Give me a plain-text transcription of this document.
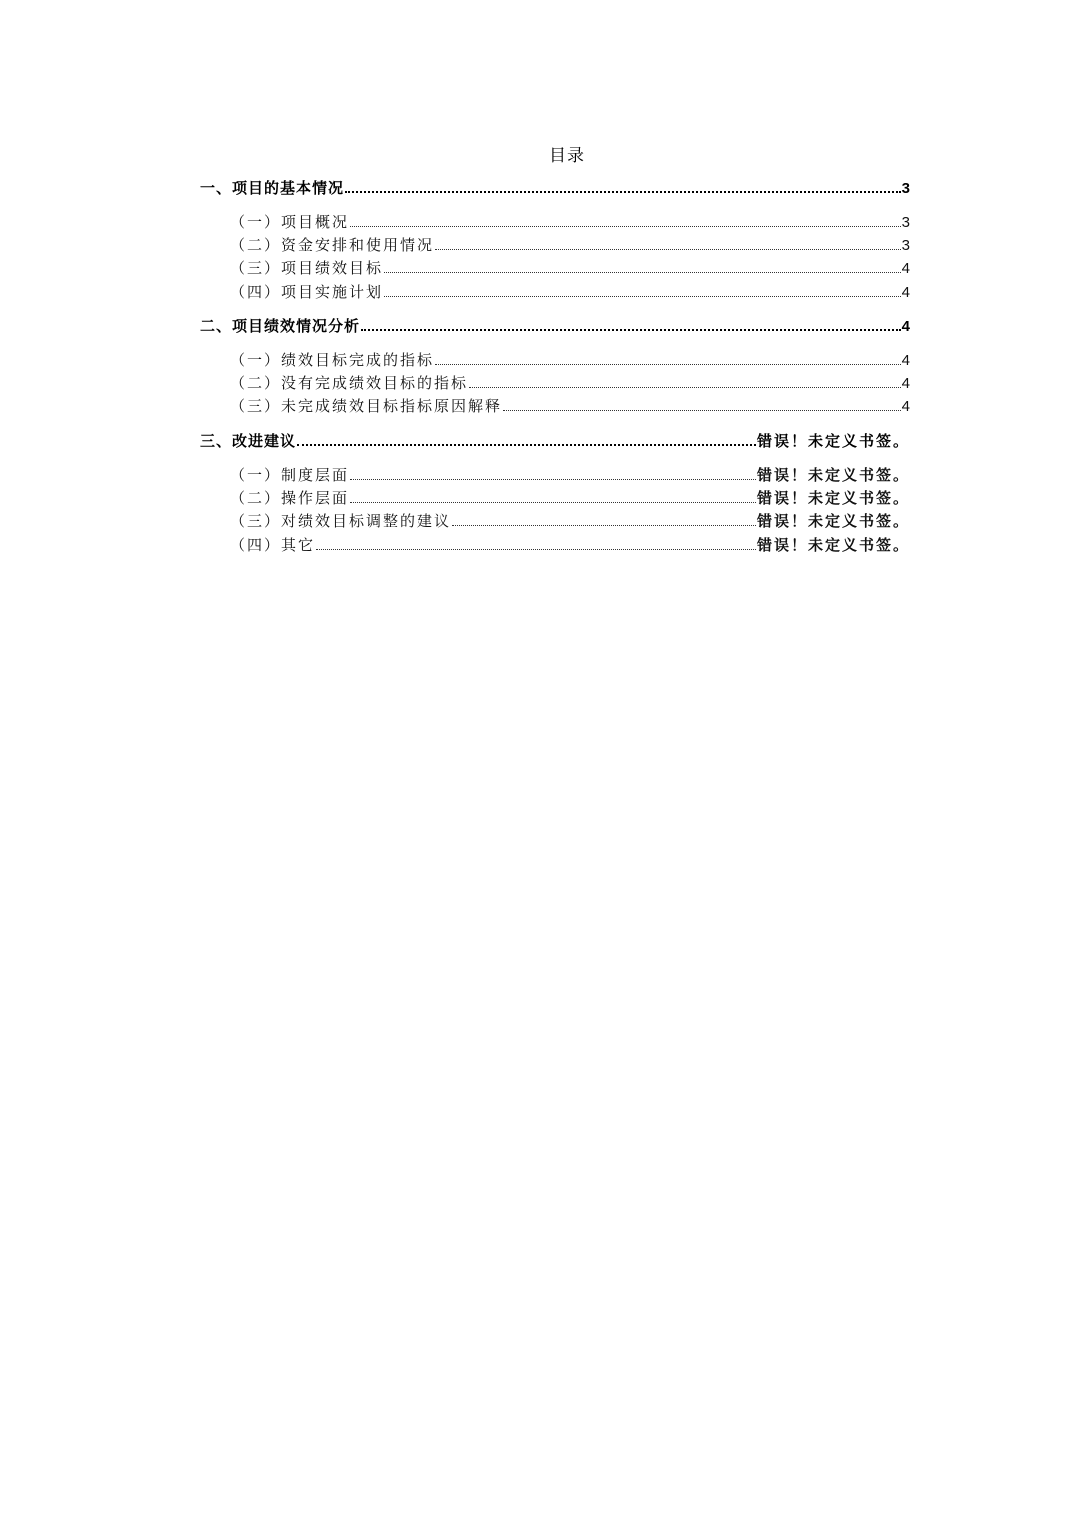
目录
一、项目的基本情况	3
（一）项目概况	3
（二）资金安排和使用情况	3
（三）项目绩效目标	4
（四）项目实施计划	4
二、项目绩效情况分析	4
（一）绩效目标完成的指标	4
（二）没有完成绩效目标的指标	4
（三）未完成绩效目标指标原因解释	4
三、改进建议	错误！未定义书签。
（一）制度层面	错误！未定义书签。
（二）操作层面	错误！未定义书签。
（三）对绩效目标调整的建议	错误！未定义书签。
（四）其它	错误！未定义书签。
